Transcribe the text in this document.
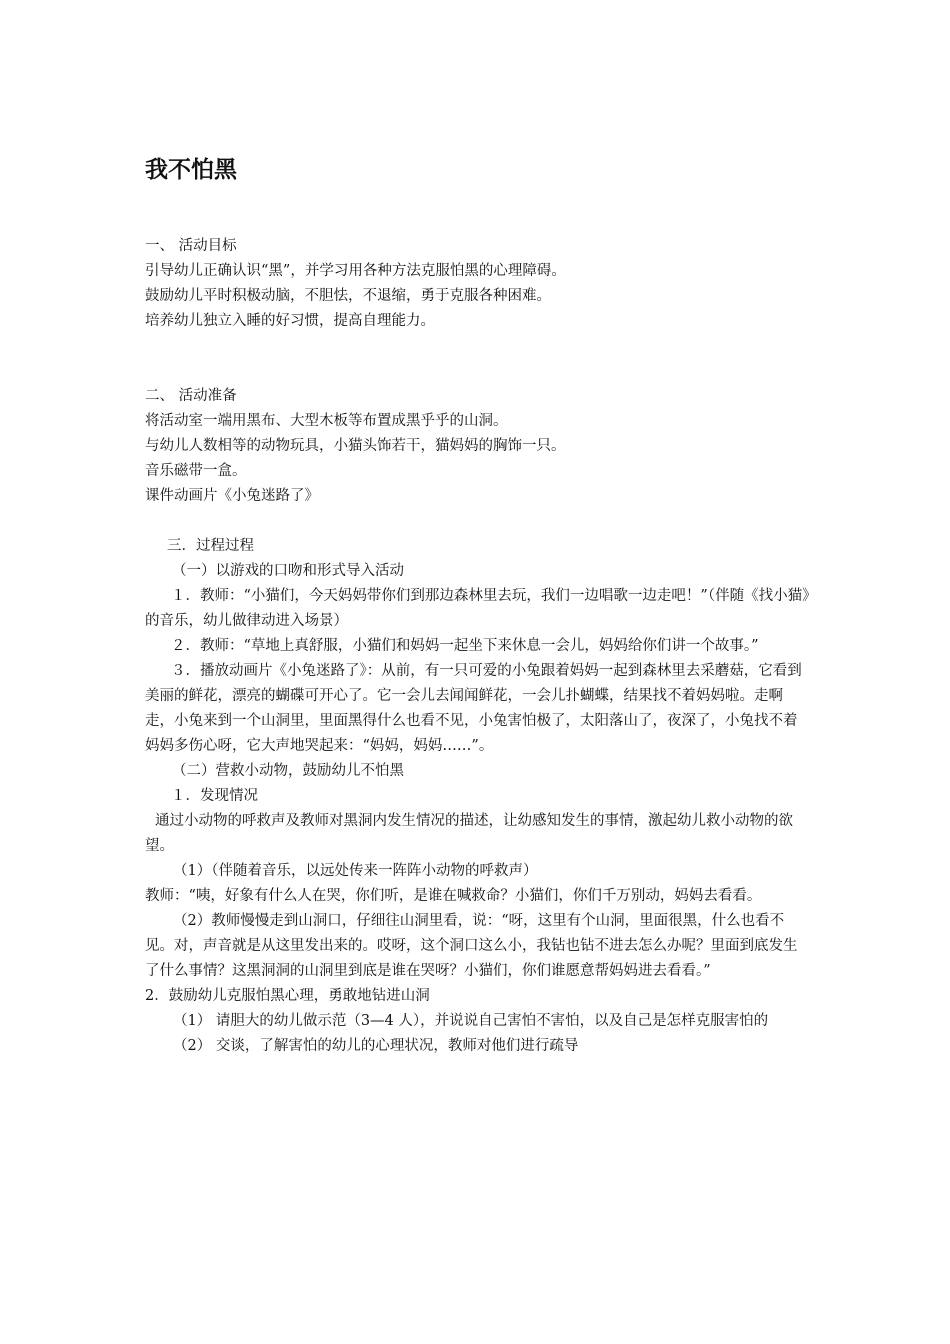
我不怕黑

一、 活动目标

引导幼儿正确认识“黑”，并学习用各种方法克服怕黑的心理障碍。

鼓励幼儿平时积极动脑，不胆怯，不退缩，勇于克服各种困难。

培养幼儿独立入睡的好习惯，提高自理能力。

二、 活动准备

将活动室一端用黑布、大型木板等布置成黑乎乎的山洞。

与幼儿人数相等的动物玩具，小猫头饰若干，猫妈妈的胸饰一只。

音乐磁带一盒。

课件动画片《小兔迷路了》

三．过程过程

（一）以游戏的口吻和形式导入活动

１．教师：“小猫们，今天妈妈带你们到那边森林里去玩，我们一边唱歌一边走吧！”（伴随《找小猫》的音乐，幼儿做律动进入场景）

２．教师：“草地上真舒服，小猫们和妈妈一起坐下来休息一会儿，妈妈给你们讲一个故事。”

３．播放动画片《小兔迷路了》：从前，有一只可爱的小兔跟着妈妈一起到森林里去采蘑菇，它看到美丽的鲜花，漂亮的蝴碟可开心了。它一会儿去闻闻鲜花，一会儿扑蝴蝶，结果找不着妈妈啦。走啊走，小兔来到一个山洞里，里面黑得什么也看不见，小兔害怕极了，太阳落山了，夜深了，小兔找不着妈妈多伤心呀，它大声地哭起来：“妈妈，妈妈……”。

（二）营救小动物，鼓励幼儿不怕黑

１．发现情况

通过小动物的呼救声及教师对黑洞内发生情况的描述，让幼感知发生的事情，激起幼儿救小动物的欲望。

（1）（伴随着音乐，以远处传来一阵阵小动物的呼救声）

教师：“咦，好象有什么人在哭，你们听，是谁在喊救命？小猫们，你们千万别动，妈妈去看看。

（2）教师慢慢走到山洞口，仔细往山洞里看，说：“呀，这里有个山洞，里面很黑，什么也看不见。对，声音就是从这里发出来的。哎呀，这个洞口这么小，我钻也钻不进去怎么办呢？里面到底发生了什么事情？这黑洞洞的山洞里到底是谁在哭呀？小猫们，你们谁愿意帮妈妈进去看看。”

2．鼓励幼儿克服怕黑心理，勇敢地钻进山洞

（1） 请胆大的幼儿做示范（3—4 人），并说说自己害怕不害怕，以及自己是怎样克服害怕的

（2） 交谈，了解害怕的幼儿的心理状况，教师对他们进行疏导
